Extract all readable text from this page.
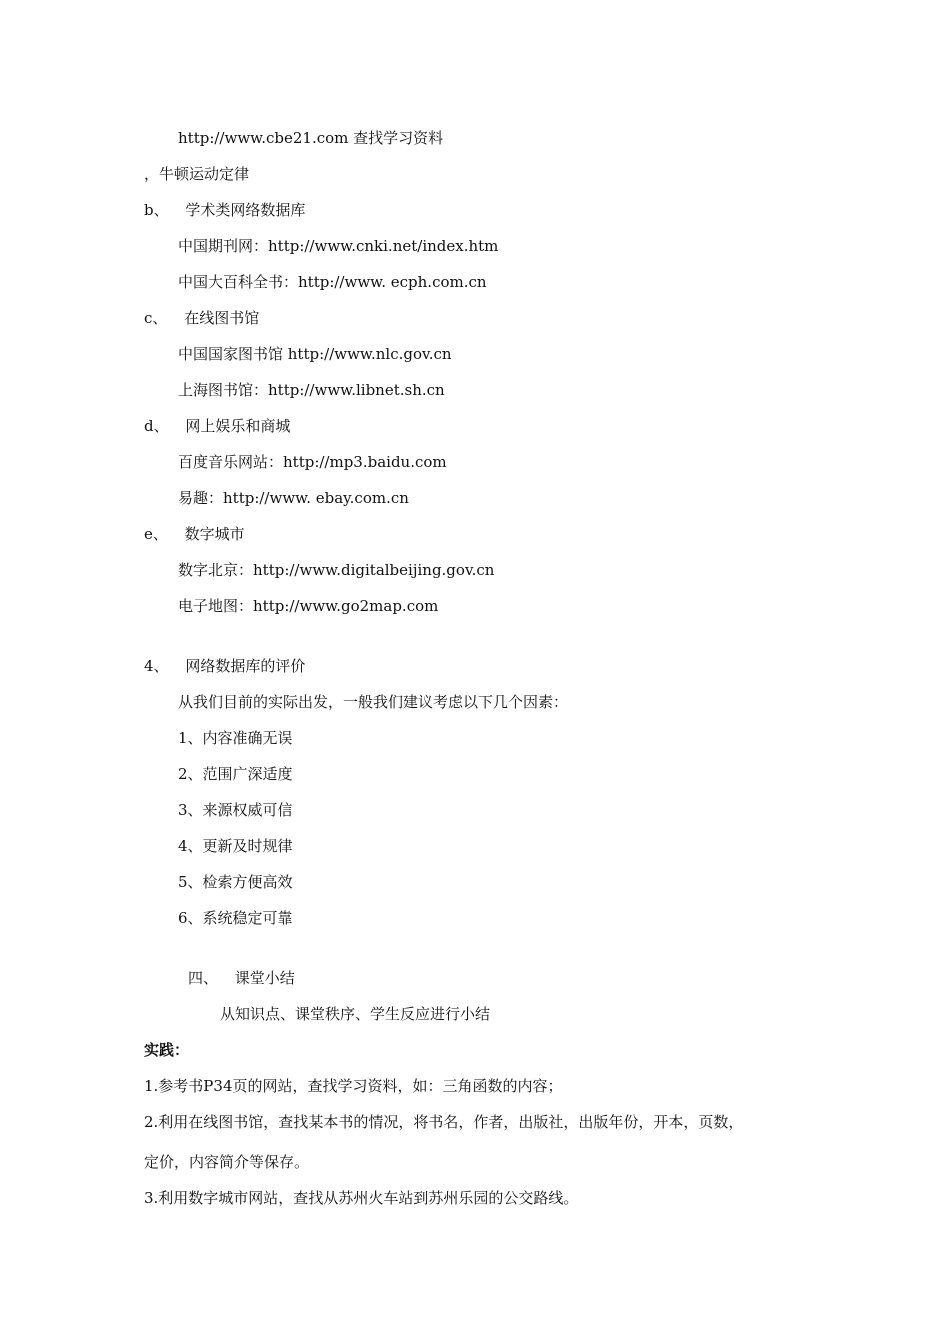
http://www.cbe21.com 查找学习资料
，牛顿运动定律
b、 学术类网络数据库
中国期刊网：http://www.cnki.net/index.htm
中国大百科全书：http://www. ecph.com.cn
c、 在线图书馆
中国国家图书馆 http://www.nlc.gov.cn
上海图书馆：http://www.libnet.sh.cn
d、 网上娱乐和商城
百度音乐网站：http://mp3.baidu.com
易趣：http://www. ebay.com.cn
e、 数字城市
数字北京：http://www.digitalbeijing.gov.cn
电子地图：http://www.go2map.com
4、 网络数据库的评价
从我们目前的实际出发，一般我们建议考虑以下几个因素：
1、内容准确无误
2、范围广深适度
3、来源权威可信
4、更新及时规律
5、检索方便高效
6、系统稳定可靠
四、 课堂小结
从知识点、课堂秩序、学生反应进行小结
实践：
1.参考书P34页的网站，查找学习资料，如：三角函数的内容；
2.利用在线图书馆，查找某本书的情况，将书名，作者，出版社，出版年份，开本，页数，
定价，内容简介等保存。
3.利用数字城市网站，查找从苏州火车站到苏州乐园的公交路线。
